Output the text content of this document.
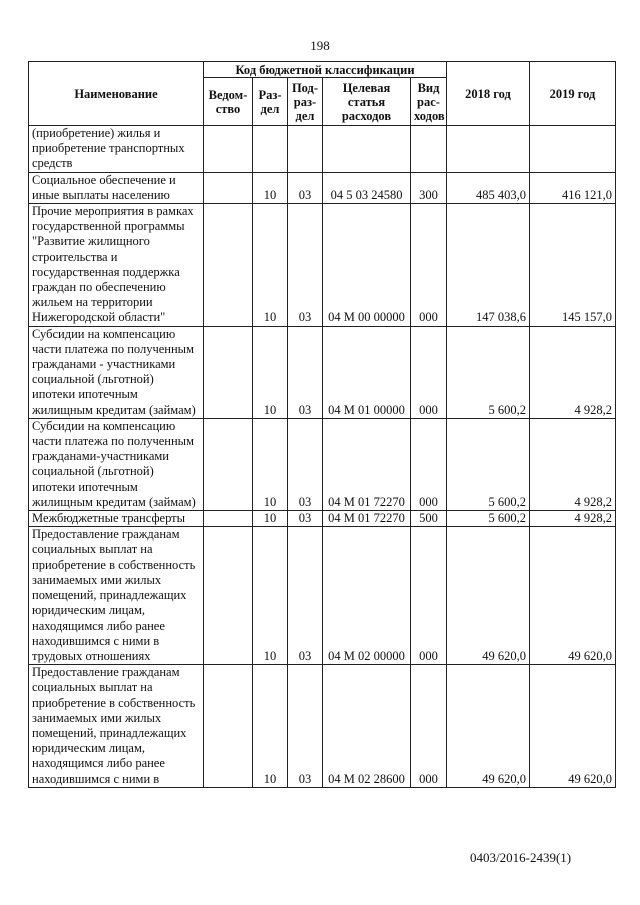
198
Наименование	Код бюджетной классификации					2018 год	2019 год
	Ведом-ство	Раз-дел	Под-раз-дел	Целевая статья расходов	Вид рас-ходов		
(приобретение) жилья и приобретение транспортных средств							
Социальное обеспечение и иные выплаты населению		10	03	04 5 03 24580	300	485 403,0	416 121,0
Прочие мероприятия в рамках государственной программы "Развитие жилищного строительства и государственная поддержка граждан по обеспечению жильем на территории Нижегородской области"		10	03	04 М 00 00000	000	147 038,6	145 157,0
Субсидии на компенсацию части платежа по полученным гражданами - участниками социальной (льготной) ипотеки ипотечным жилищным кредитам (займам)		10	03	04 М 01 00000	000	5 600,2	4 928,2
Субсидии на компенсацию части платежа по полученным гражданами-участниками социальной (льготной) ипотеки ипотечным жилищным кредитам (займам)		10	03	04 М 01 72270	000	5 600,2	4 928,2
Межбюджетные трансферты		10	03	04 М 01 72270	500	5 600,2	4 928,2
Предоставление гражданам социальных выплат на приобретение в собственность занимаемых ими жилых помещений, принадлежащих юридическим лицам, находящимся либо ранее находившимся с ними в трудовых отношениях		10	03	04 М 02 00000	000	49 620,0	49 620,0
Предоставление гражданам социальных выплат на приобретение в собственность занимаемых ими жилых помещений, принадлежащих юридическим лицам, находящимся либо ранее находившимся с ними в		10	03	04 М 02 28600	000	49 620,0	49 620,0
0403/2016-2439(1)
